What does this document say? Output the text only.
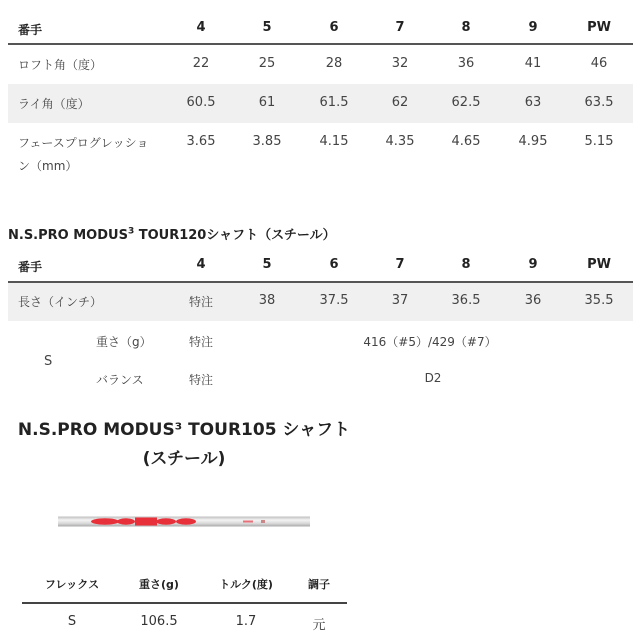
番手	4	5	6	7	8	9	PW
ロフト角（度）	22	25	28	32	36	41	46
ライ角（度）	60.5	61	61.5	62	62.5	63	63.5
フェースプログレッショ
ン（mm）
3.65	3.85	4.15	4.35	4.65	4.95	5.15
N.S.PRO MODUS$^3$ TOUR120シャフト（スチール）
番手	4	5	6	7	8	9	PW
長さ（インチ）	特注	38	37.5	37	36.5	36	35.5
S
重さ（g）	特注	416（#5）/429（#7）
バランス	特注	D2
N.S.PRO MODUS³ TOUR105 シャフト
(スチール)
フレックス	重さ(g)	トルク(度)	調子
S	106.5	1.7	元
